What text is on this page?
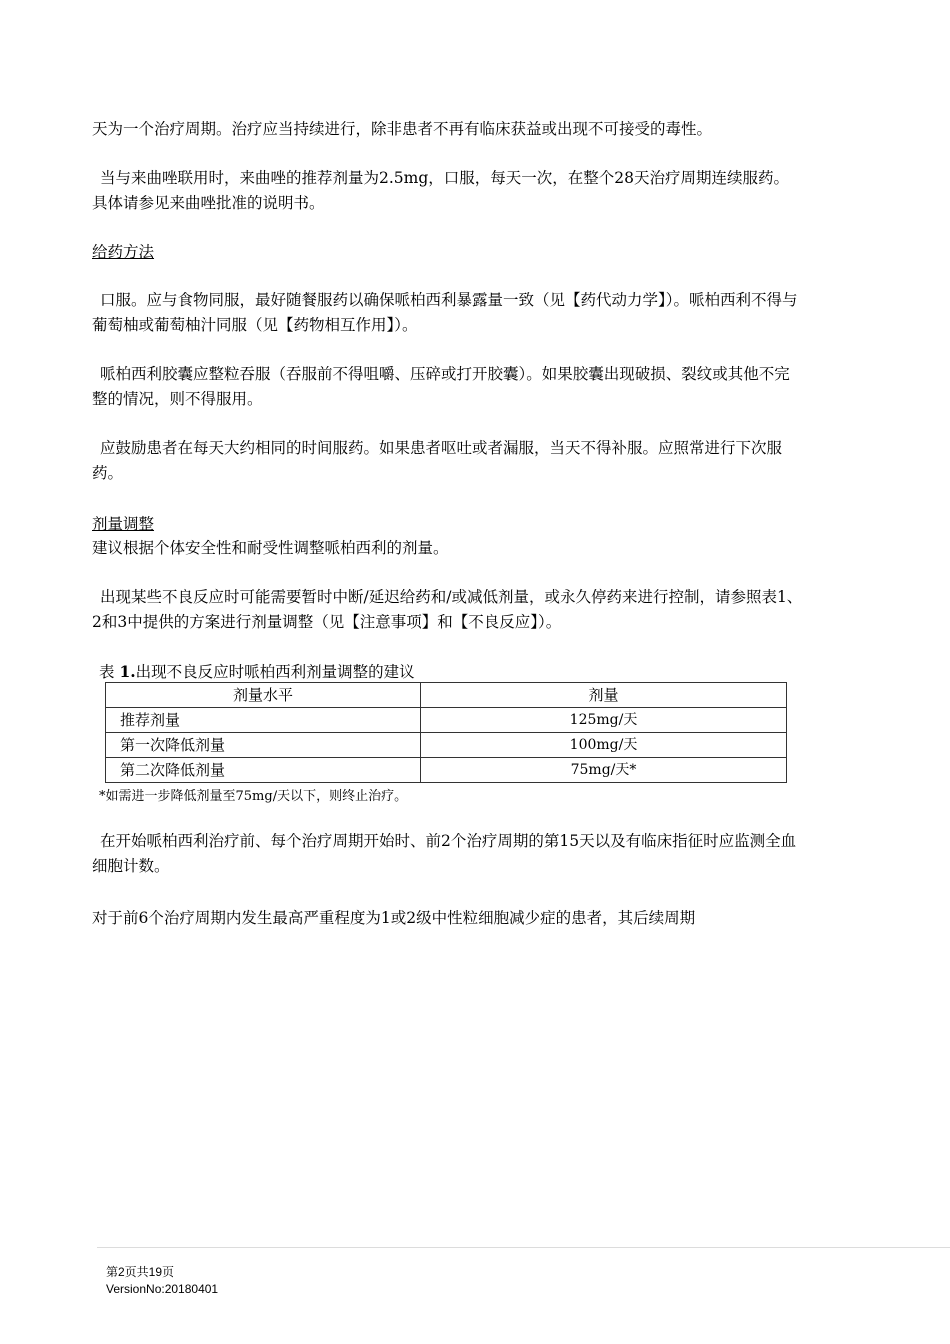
天为一个治疗周期。治疗应当持续进行，除非患者不再有临床获益或出现不可接受的毒性。

当与来曲唑联用时，来曲唑的推荐剂量为2.5mg，口服，每天一次，在整个28天治疗周期连续服药。具体请参见来曲唑批准的说明书。

给药方法

口服。应与食物同服，最好随餐服药以确保哌柏西利暴露量一致（见【药代动力学】）。哌柏西利不得与葡萄柚或葡萄柚汁同服（见【药物相互作用】）。

哌柏西利胶囊应整粒吞服（吞服前不得咀嚼、压碎或打开胶囊）。如果胶囊出现破损、裂纹或其他不完整的情况，则不得服用。

应鼓励患者在每天大约相同的时间服药。如果患者呕吐或者漏服，当天不得补服。应照常进行下次服药。

剂量调整

建议根据个体安全性和耐受性调整哌柏西利的剂量。

出现某些不良反应时可能需要暂时中断/延迟给药和/或减低剂量，或永久停药来进行控制，请参照表1、2和3中提供的方案进行剂量调整（见【注意事项】和【不良反应】）。

表 1.出现不良反应时哌柏西利剂量调整的建议

剂量水平	剂量
推荐剂量	125mg/天
第一次降低剂量	100mg/天
第二次降低剂量	75mg/天*

*如需进一步降低剂量至75mg/天以下，则终止治疗。

在开始哌柏西利治疗前、每个治疗周期开始时、前2个治疗周期的第15天以及有临床指征时应监测全血细胞计数。

对于前6个治疗周期内发生最高严重程度为1或2级中性粒细胞减少症的患者，其后续周期

第2页共19页

VersionNo:20180401
